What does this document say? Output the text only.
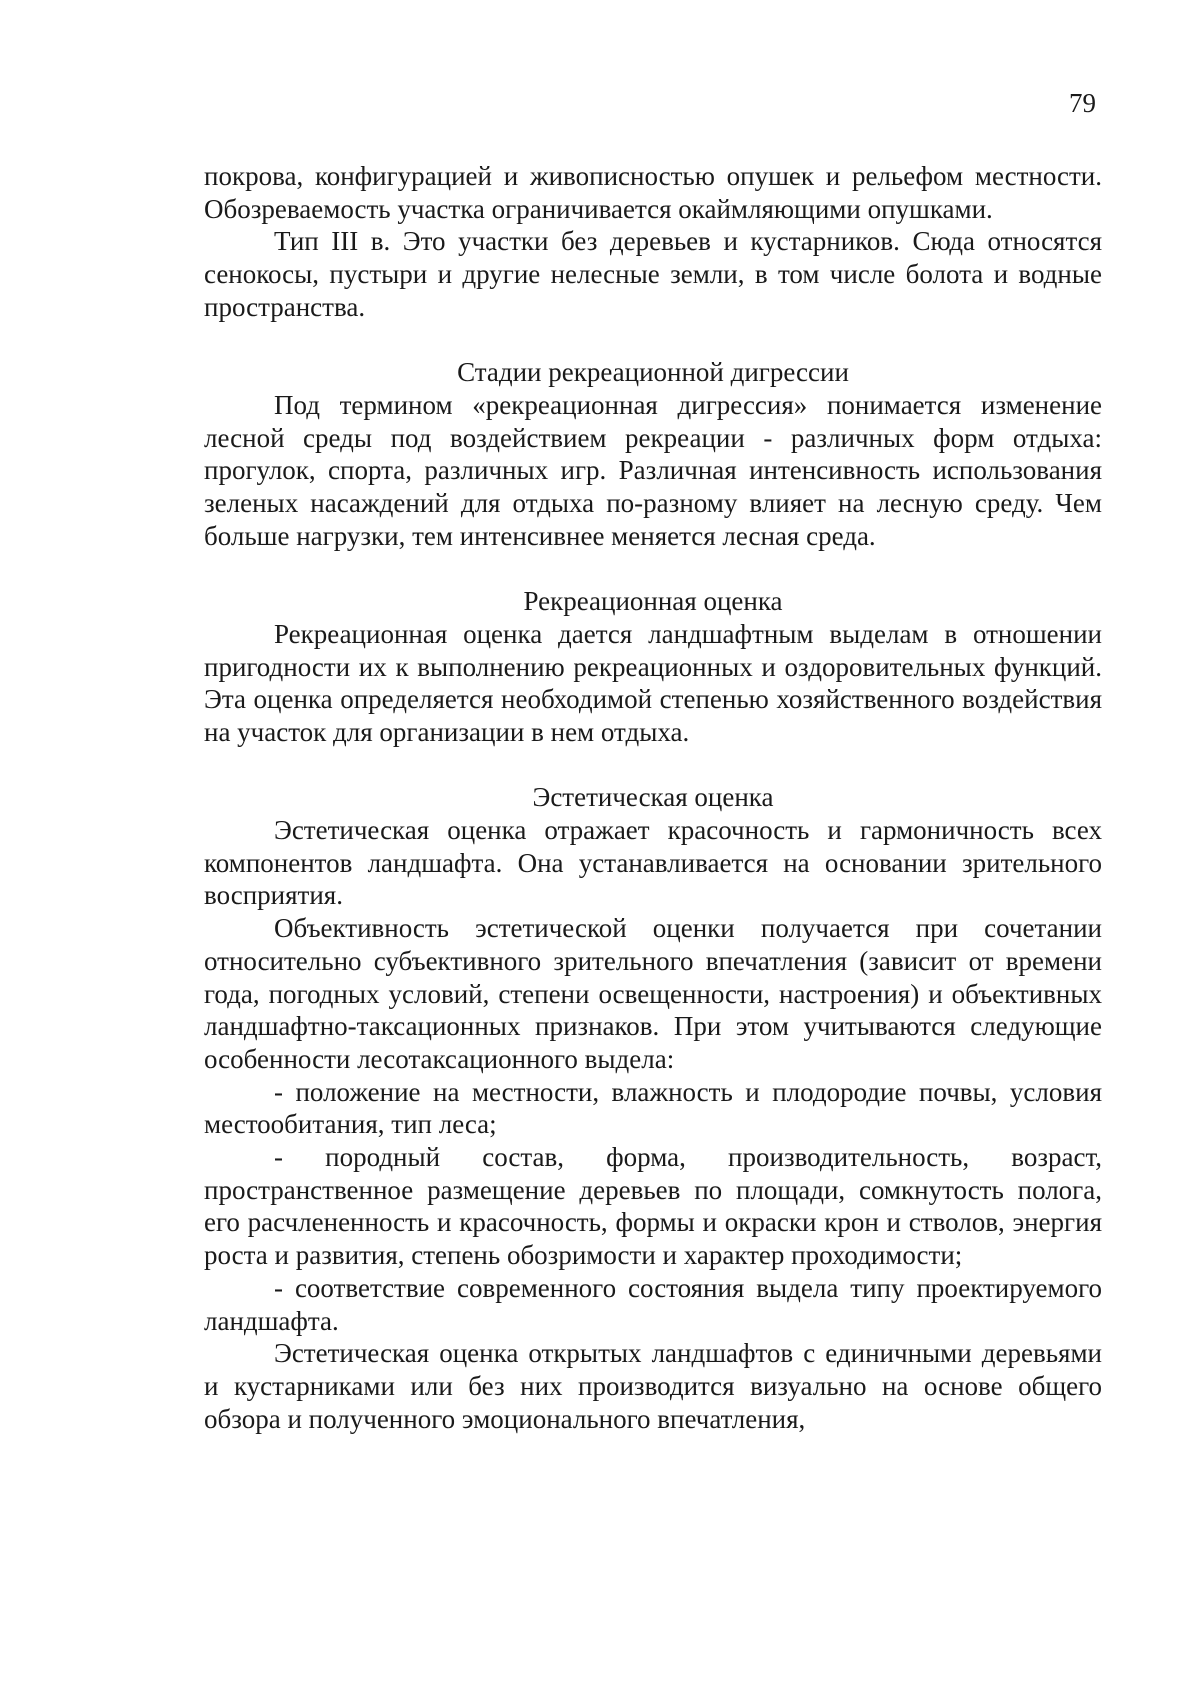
79

покрова, конфигурацией и живописностью опушек и рельефом местности. Обозреваемость участка ограничивается окаймляющими опушками.

Тип III в. Это участки без деревьев и кустарников. Сюда относятся сенокосы, пустыри и другие нелесные земли, в том числе болота и водные пространства.

Стадии рекреационной дигрессии

Под термином «рекреационная дигрессия» понимается изменение лесной среды под воздействием рекреации - различных форм отдыха: прогулок, спорта, различных игр. Различная интенсивность использования зеленых насаждений для отдыха по-разному влияет на лесную среду. Чем больше нагрузки, тем интенсивнее меняется лесная среда.

Рекреационная оценка

Рекреационная оценка дается ландшафтным выделам в отношении пригодности их к выполнению рекреационных и оздоровительных функций. Эта оценка определяется необходимой степенью хозяйственного воздействия на участок для организации в нем отдыха.

Эстетическая оценка

Эстетическая оценка отражает красочность и гармоничность всех компонентов ландшафта. Она устанавливается на основании зрительного восприятия.

Объективность эстетической оценки получается при сочетании относительно субъективного зрительного впечатления (зависит от времени года, погодных условий, степени освещенности, настроения) и объективных ландшафтно-таксационных признаков. При этом учитываются следующие особенности лесотаксационного выдела:

- положение на местности, влажность и плодородие почвы, условия местообитания, тип леса;

- породный состав, форма, производительность, возраст, пространственное размещение деревьев по площади, сомкнутость полога, его расчлененность и красочность, формы и окраски крон и стволов, энергия роста и развития, степень обозримости и характер проходимости;

- соответствие современного состояния выдела типу проектируемого ландшафта.

Эстетическая оценка открытых ландшафтов с единичными деревьями и кустарниками или без них производится визуально на основе общего обзора и полученного эмоционального впечатления,
